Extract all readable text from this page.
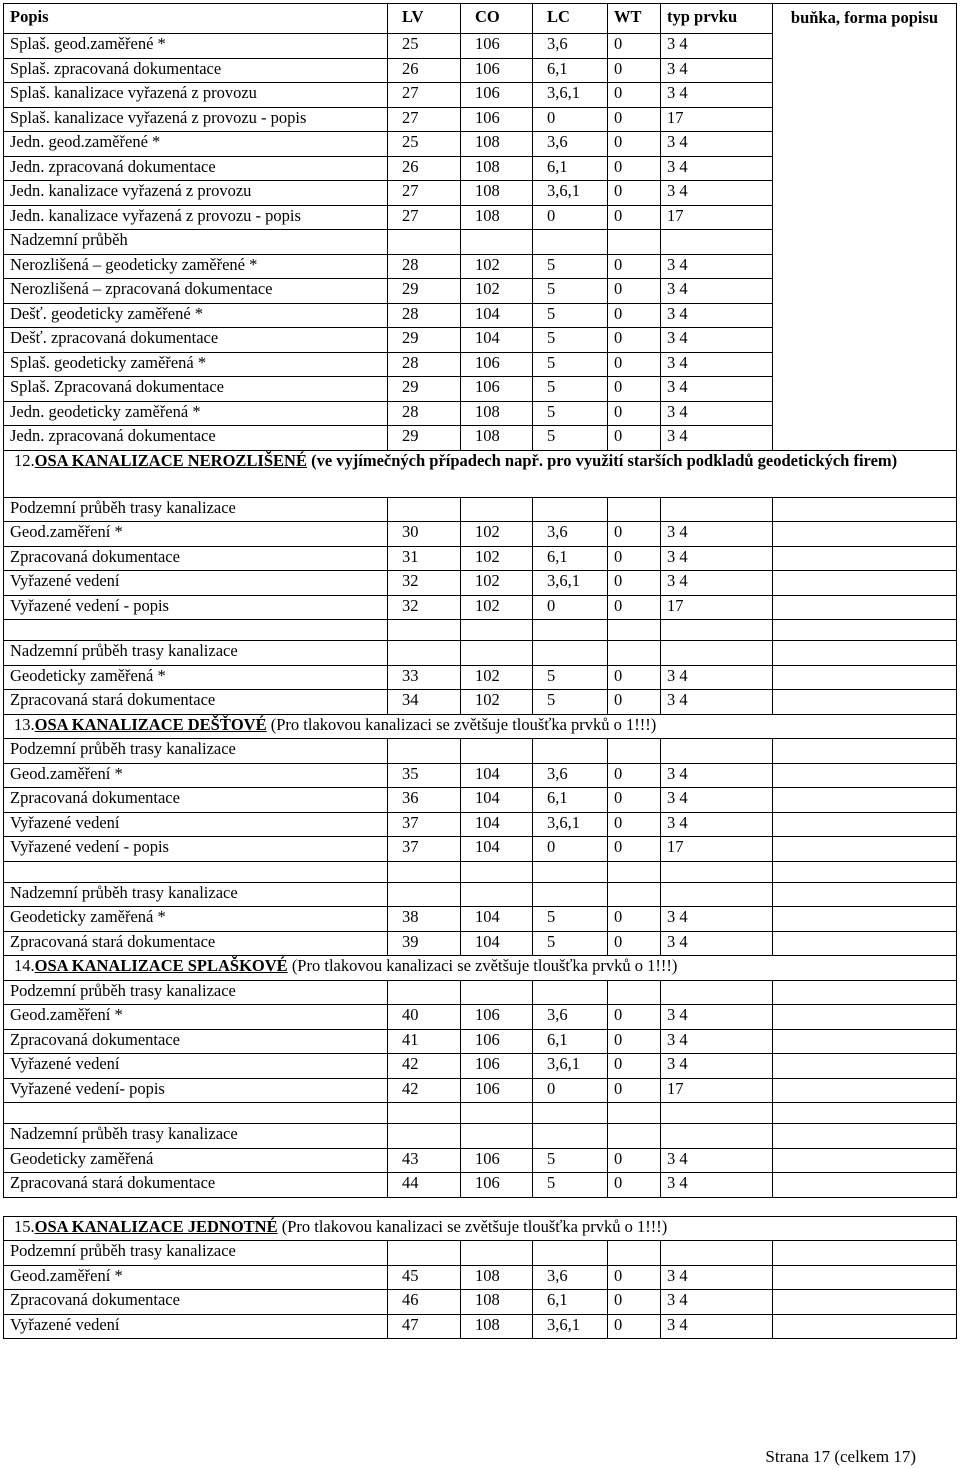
Popis	LV	CO	LC	WT	typ prvku	buňka, forma popisu
Splaš. geod.zaměřené *	25	106	3,6	0	3 4	
Splaš. zpracovaná dokumentace	26	106	6,1	0	3 4	
Splaš. kanalizace vyřazená z provozu	27	106	3,6,1	0	3 4	
Splaš. kanalizace vyřazená z provozu - popis	27	106	0	0	17	
Jedn. geod.zaměřené *	25	108	3,6	0	3 4	
Jedn. zpracovaná dokumentace	26	108	6,1	0	3 4	
Jedn. kanalizace vyřazená z provozu	27	108	3,6,1	0	3 4	
Jedn. kanalizace vyřazená z provozu - popis	27	108	0	0	17	
Nadzemní průběh						
Nerozlišená – geodeticky zaměřené *	28	102	5	0	3 4	
Nerozlišená – zpracovaná dokumentace	29	102	5	0	3 4	
Dešť. geodeticky zaměřené *	28	104	5	0	3 4	
Dešť. zpracovaná dokumentace	29	104	5	0	3 4	
Splaš. geodeticky zaměřená *	28	106	5	0	3 4	
Splaš. Zpracovaná dokumentace	29	106	5	0	3 4	
Jedn. geodeticky zaměřená *	28	108	5	0	3 4	
Jedn. zpracovaná dokumentace	29	108	5	0	3 4	
12.OSA KANALIZACE NEROZLIŠENÉ (ve vyjímečných případech např. pro využití starších podkladů geodetických firem)						
Podzemní průběh trasy kanalizace						
Geod.zaměření *	30	102	3,6	0	3 4	
Zpracovaná dokumentace	31	102	6,1	0	3 4	
Vyřazené vedení	32	102	3,6,1	0	3 4	
Vyřazené vedení - popis	32	102	0	0	17	

Nadzemní průběh trasy kanalizace						
Geodeticky zaměřená *	33	102	5	0	3 4	
Zpracovaná stará dokumentace	34	102	5	0	3 4	
13.OSA KANALIZACE DEŠŤOVÉ (Pro tlakovou kanalizaci se zvětšuje tloušťka prvků o 1!!!)						
Podzemní průběh trasy kanalizace						
Geod.zaměření *	35	104	3,6	0	3 4	
Zpracovaná dokumentace	36	104	6,1	0	3 4	
Vyřazené vedení	37	104	3,6,1	0	3 4	
Vyřazené vedení - popis	37	104	0	0	17	

Nadzemní průběh trasy kanalizace						
Geodeticky zaměřená *	38	104	5	0	3 4	
Zpracovaná stará dokumentace	39	104	5	0	3 4	
14.OSA KANALIZACE SPLAŠKOVÉ (Pro tlakovou kanalizaci se zvětšuje tloušťka prvků o 1!!!)						
Podzemní průběh trasy kanalizace						
Geod.zaměření *	40	106	3,6	0	3 4	
Zpracovaná dokumentace	41	106	6,1	0	3 4	
Vyřazené vedení	42	106	3,6,1	0	3 4	
Vyřazené vedení- popis	42	106	0	0	17	

Nadzemní průběh trasy kanalizace						
Geodeticky zaměřená	43	106	5	0	3 4	
Zpracovaná stará dokumentace	44	106	5	0	3 4	
15.OSA KANALIZACE JEDNOTNÉ (Pro tlakovou kanalizaci se zvětšuje tloušťka prvků o 1!!!)						
Podzemní průběh trasy kanalizace						
Geod.zaměření *	45	108	3,6	0	3 4	
Zpracovaná dokumentace	46	108	6,1	0	3 4	
Vyřazené vedení	47	108	3,6,1	0	3 4	
Strana 17 (celkem 17)
